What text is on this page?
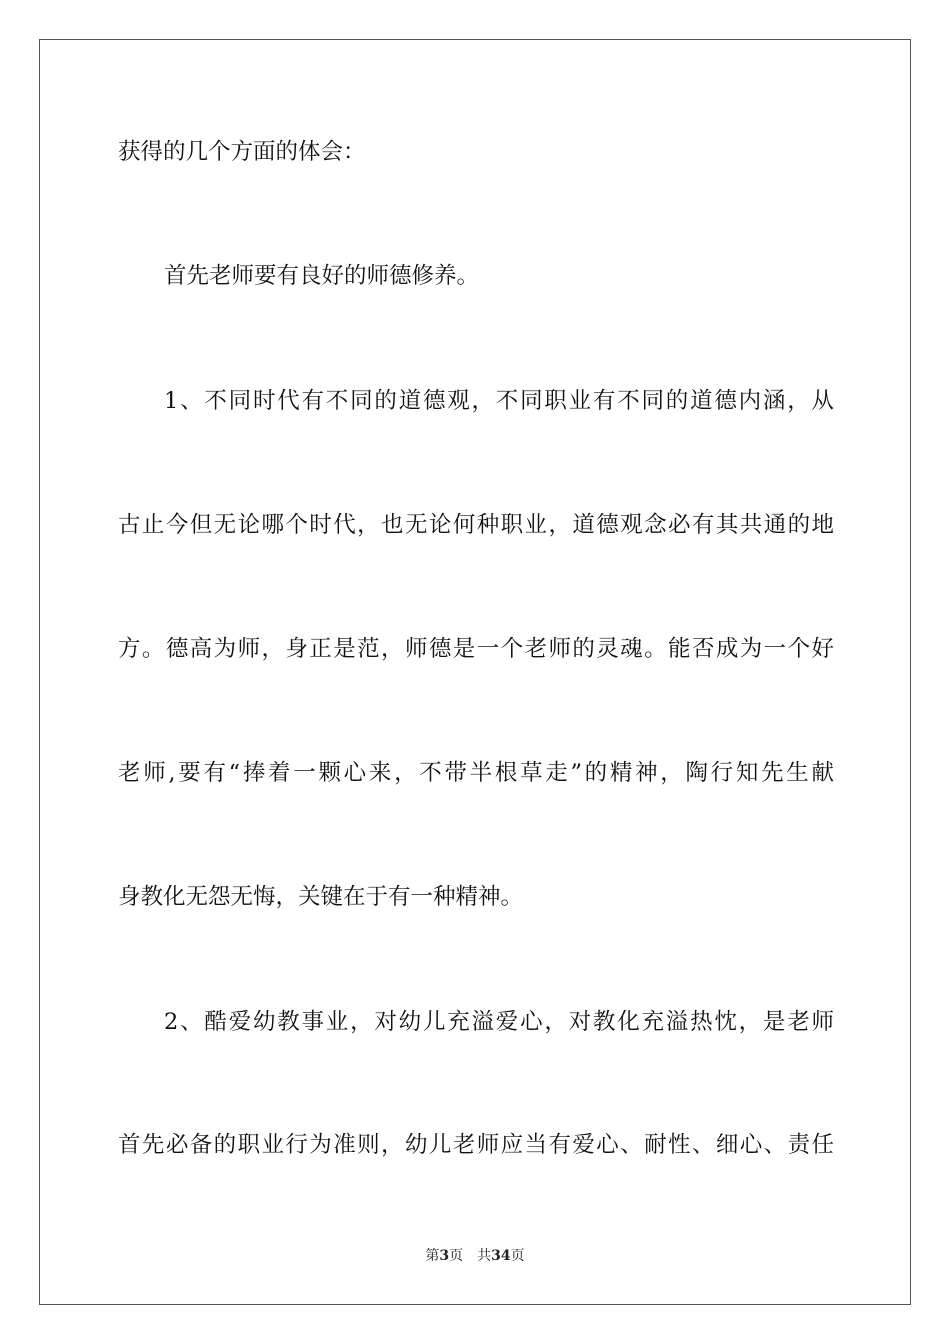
获得的几个方面的体会：
首先老师要有良好的师德修养。
1、不同时代有不同的道德观，不同职业有不同的道德内涵，从
古止今但无论哪个时代，也无论何种职业，道德观念必有其共通的地
方。德高为师，身正是范，师德是一个老师的灵魂。能否成为一个好
老师,要有“捧着一颗心来，不带半根草走”的精神，陶行知先生献
身教化无怨无悔，关键在于有一种精神。
2、酷爱幼教事业，对幼儿充溢爱心，对教化充溢热忱，是老师
首先必备的职业行为准则，幼儿老师应当有爱心、耐性、细心、责任
第3页 共34页
